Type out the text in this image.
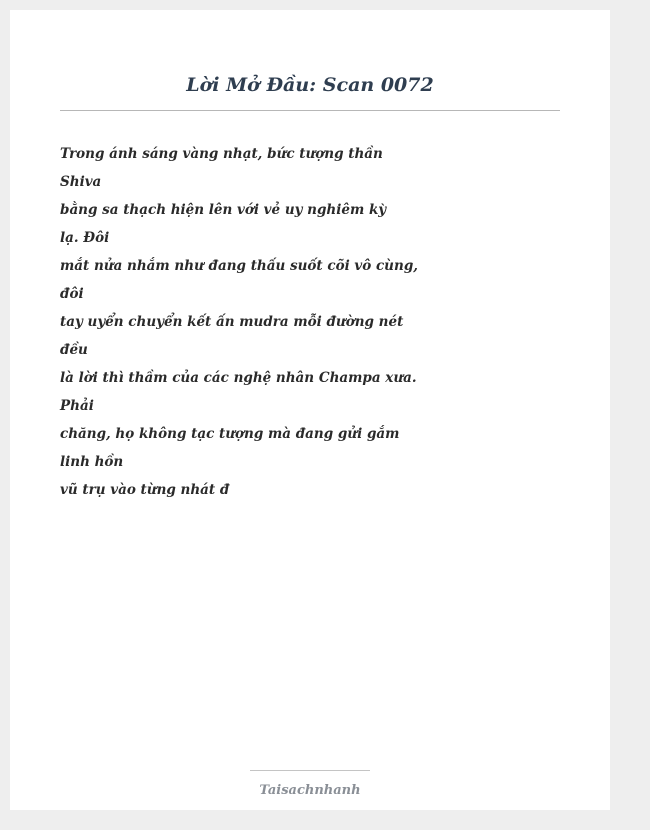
Lời Mở Đầu: Scan 0072
Trong ánh sáng vàng nhạt, bức tượng thần
Shiva
bằng sa thạch hiện lên với vẻ uy nghiêm kỳ
lạ. Đôi
mắt nửa nhắm như đang thấu suốt cõi vô cùng,
đôi
tay uyển chuyển kết ấn mudra mỗi đường nét
đều
là lời thì thầm của các nghệ nhân Champa xưa.
Phải
chăng, họ không tạc tượng mà đang gửi gắm
linh hồn
vũ trụ vào từng nhát đ
Taisachnhanh
